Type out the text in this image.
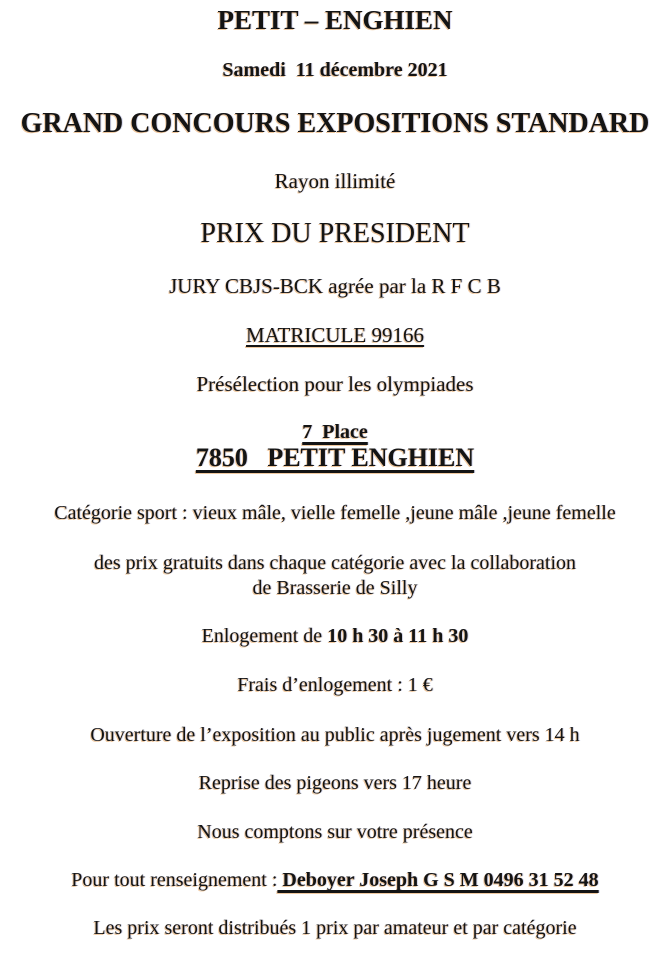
PETIT – ENGHIEN
Samedi  11 décembre 2021
GRAND CONCOURS EXPOSITIONS STANDARD
Rayon illimité
PRIX DU PRESIDENT
JURY CBJS-BCK agrée par la R F C B
MATRICULE 99166
Présélection pour les olympiades
7  Place
7850   PETIT ENGHIEN
Catégorie sport : vieux mâle, vielle femelle ,jeune mâle ,jeune femelle
des prix gratuits dans chaque catégorie avec la collaboration
de Brasserie de Silly
Enlogement de 10 h 30 à 11 h 30
Frais d’enlogement : 1 €
Ouverture de l’exposition au public après jugement vers 14 h
Reprise des pigeons vers 17 heure
Nous comptons sur votre présence
Pour tout renseignement : Deboyer Joseph G S M 0496 31 52 48
Les prix seront distribués 1 prix par amateur et par catégorie
